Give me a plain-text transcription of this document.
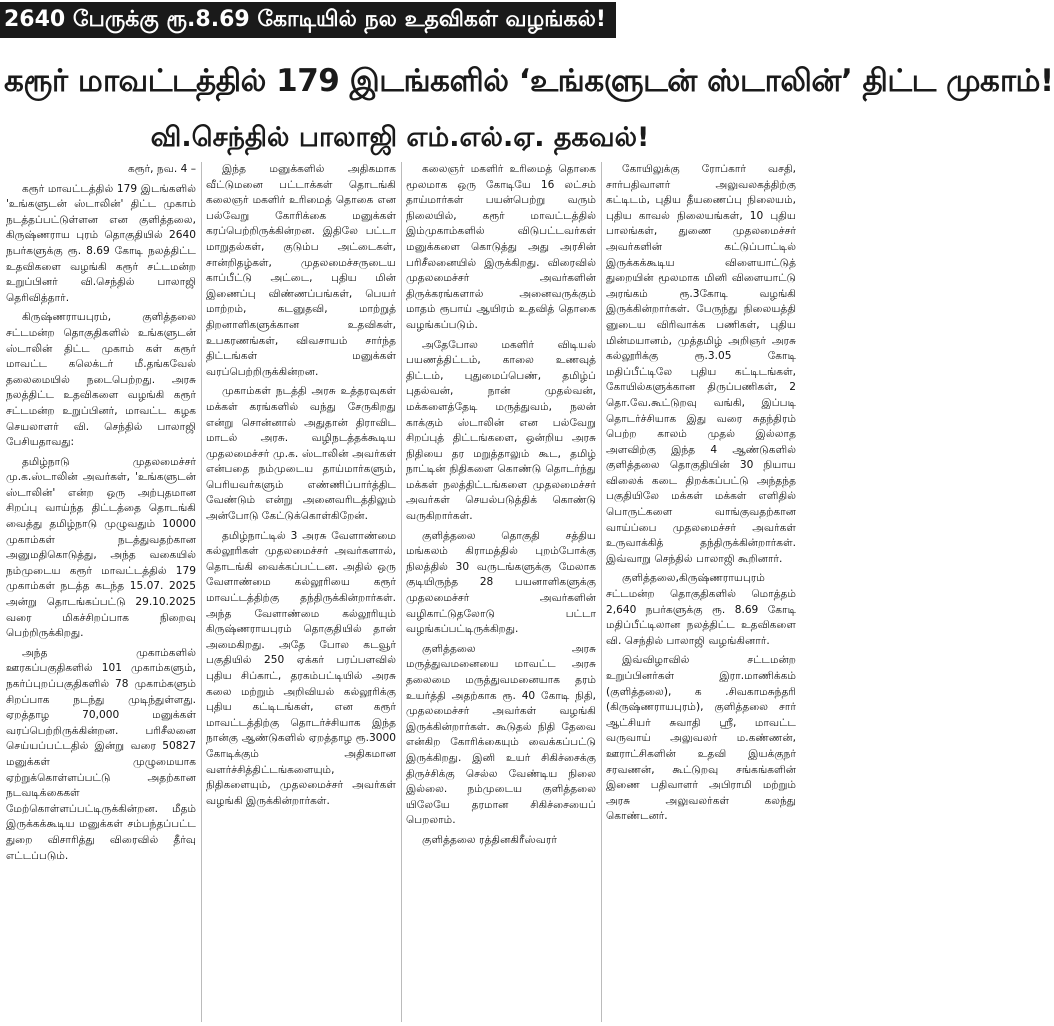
2640 பேருக்கு ரூ.8.69 கோடியில் நல உதவிகள் வழங்கல்!
கரூர் மாவட்டத்தில் 179 இடங்களில் ‘உங்களுடன் ஸ்டாலின்’ திட்ட முகாம்!
வி.செந்தில் பாலாஜி எம்.எல்.ஏ. தகவல்!

கரூர், நவ. 4 –

கரூர் மாவட்டத்தில் 179 இடங்களில் 'உங்களுடன் ஸ்டாலின்' திட்ட முகாம் நடத்தப்பட்டுள்ளன என குளித்தலை, கிருஷ்ணராய புரம் தொகுதியில் 2640 நபர்களுக்கு ரூ. 8.69 கோடி நலத்திட்ட உதவிகளை வழங்கி கரூர் சட்டமன்ற உறுப்பினர் வி.செந்தில் பாலாஜி தெரிவித்தார்.

கிருஷ்ணராயபுரம், குளித்தலை சட்டமன்ற தொகுதிகளில் உங்களுடன் ஸ்டாலின் திட்ட முகாம் கள் கரூர் மாவட்ட கலெக்டர் மீ.தங்கவேல் தலைமையில் நடைபெற்றது. அரசு நலத்திட்ட உதவிகளை வழங்கி கரூர் சட்டமன்ற உறுப்பினர், மாவட்ட கழக செயலாளர் வி. செந்தில் பாலாஜி பேசியதாவது:

தமிழ்நாடு முதலமைச்சர் மு.க.ஸ்டாலின் அவர்கள், 'உங்களுடன் ஸ்டாலின்' என்ற ஒரு அற்புதமான சிறப்பு வாய்ந்த திட்டத்தை தொடங்கி வைத்து தமிழ்நாடு முழுவதும் 10000 முகாம்கள் நடத்துவதற்கான அனுமதிகொடுத்து, அந்த வகையில் நம்முடைய கரூர் மாவட்டத்தில் 179 முகாம்கள் நடத்த கடந்த 15.07. 2025 அன்று தொடங்கப்பட்டு 29.10.2025 வரை மிகச்சிறப்பாக நிறைவு பெற்றிருக்கிறது.

அந்த முகாம்களில் ஊரகப்பகுதிகளில் 101 முகாம்களும், நகர்ப்புறப்பகுதிகளில் 78 முகாம்களும் சிறப்பாக நடந்து முடிந்துள்ளது. ஏறத்தாழ 70,000 மனுக்கள் வரப்பெற்றிருக்கின்றன. பரிசீலனை செய்யப்பட்டதில் இன்று வரை 50827 மனுக்கள் முழுமையாக ஏற்றுக்கொள்ளப்பட்டு அதற்கான நடவடிக்கைகள் மேற்கொள்ளப்பட்டிருக்கின்றன. மீதம் இருக்கக்கூடிய மனுக்கள் சம்பந்தப்பட்ட துறை விசாரித்து விரைவில் தீர்வு எட்டப்படும்.

இந்த மனுக்களில் அதிகமாக வீட்டுமனை பட்டாக்கள் தொடங்கி கலைஞர் மகளிர் உரிமைத் தொகை என பல்வேறு கோரிக்கை மனுக்கள் கரப்பெற்றிருக்கின்றன. இதிலே பட்டா மாறுதல்கள், குடும்ப அட்டைகள், சான்றிதழ்கள், முதலமைச்சருடைய காப்பீட்டு அட்டை, புதிய மின் இணைப்பு விண்ணப்பங்கள், பெயர் மாற்றம், கடனுதவி, மாற்றுத் திறனாளிகளுக்கான உதவிகள், உபகரணங்கள், விவசாயம் சார்ந்த திட்டங்கள் மனுக்கள் வரப்பெற்றிருக்கின்றன.

முகாம்கள் நடத்தி அரசு உத்தரவுகள் மக்கள் கரங்களில் வந்து சேருகிறது என்று சொன்னால் அதுதான் திராவிட மாடல் அரசு. வழிநடத்தக்கூடிய முதலமைச்சர் மு.க. ஸ்டாலின் அவர்கள் என்பதை நம்முடைய தாய்மார்களும், பெரியவர்களும் எண்ணிப்பார்த்திட வேண்டும் என்று அனைவரிடத்திலும் அன்போடு கேட்டுக்கொள்கிறேன்.

தமிழ்நாட்டில் 3 அரசு வேளாண்மை கல்லூரிகள் முதலமைச்சர் அவர்களால், தொடங்கி வைக்கப்பட்டன. அதில் ஒரு வேளாண்மை கல்லூரியை கரூர் மாவட்டத்திற்கு தந்திருக்கின்றார்கள். அந்த வேளாண்மை கல்லூரியும் கிருஷ்ணராயபுரம் தொகுதியில் தான் அமைகிறது. அதே போல கடவூர் பகுதியில் 250 ஏக்கர் பரப்பளவில் புதிய சிப்காட், தரகம்பட்டியில் அரசு கலை மற்றும் அறிவியல் கல்லூரிக்கு புதிய கட்டிடங்கள், என கரூர் மாவட்டத்திற்கு தொடர்ச்சியாக இந்த நான்கு ஆண்டுகளில் ஏறத்தாழ ரூ.3000 கோடிக்கும் அதிகமான வளர்ச்சித்திட்டங்களையும், நிதிகளையும், முதலமைச்சர் அவர்கள் வழங்கி இருக்கின்றார்கள்.

கலைஞர் மகளிர் உரிமைத் தொகை மூலமாக ஒரு கோடியே 16 லட்சம் தாய்மார்கள் பயன்பெற்று வரும் நிலையில், கரூர் மாவட்டத்தில் இம்முகாம்களில் விடுபட்டவர்கள் மனுக்களை கொடுத்து அது அரசின் பரிசீலனையில் இருக்கிறது. விரைவில் முதலமைச்சர் அவர்களின் திருக்கரங்களால் அனைவருக்கும் மாதம் ரூபாய் ஆயிரம் உதவித் தொகை வழங்கப்படும்.

அதேபோல மகளிர் விடியல் பயணத்திட்டம், காலை உணவுத் திட்டம், புதுமைப்பெண், தமிழ்ப் புதல்வன், நான் முதல்வன், மக்களைத்தேடி மருத்துவம், நலன் காக்கும் ஸ்டாலின் என பல்வேறு சிறப்புத் திட்டங்களை, ஒன்றிய அரசு நிதியை தர மறுத்தாலும் கூட, தமிழ் நாட்டின் நிதிகளை கொண்டு தொடர்ந்து மக்கள் நலத்திட்டங்களை முதலமைச்சர் அவர்கள் செயல்படுத்திக் கொண்டு வருகிறார்கள்.

குளித்தலை தொகுதி சத்திய மங்கலம் கிராமத்தில் புறம்போக்கு நிலத்தில் 30 வருடங்களுக்கு மேலாக குடியிருந்த 28 பயனாளிகளுக்கு முதலமைச்சர் அவர்களின் வழிகாட்டுதலோடு பட்டா வழங்கப்பட்டிருக்கிறது.

குளித்தலை அரசு மருத்துவமனையை மாவட்ட அரசு தலைமை மருத்துவமனையாக தரம் உயர்த்தி அதற்காக ரூ. 40 கோடி நிதி, முதலமைச்சர் அவர்கள் வழங்கி இருக்கின்றார்கள். கூடுதல் நிதி தேவை என்கிற கோரிக்கையும் வைக்கப்பட்டு இருக்கிறது. இனி உயர் சிகிச்சைக்கு திருச்சிக்கு செல்ல வேண்டிய நிலை இல்லை. நம்முடைய குளித்தலை யிலேயே தரமான சிகிச்சையைப் பெறலாம்.

குளித்தலை ரத்தினகிரீஸ்வரர்

கோயிலுக்கு ரோப்கார் வசதி, சார்பதிவாளர் அலுவலகத்திற்கு கட்டிடம், புதிய தீயணைப்பு நிலையம், புதிய காவல் நிலையங்கள், 10 புதிய பாலங்கள், துணை முதலமைச்சர் அவர்களின் கட்டுப்பாட்டில் இருக்கக்கூடிய விளையாட்டுத் துறையின் மூலமாக மினி விளையாட்டு அரங்கம் ரூ.3கோடி வழங்கி இருக்கின்றார்கள். பேருந்து நிலையத்தி னுடைய விரிவாக்க பணிகள், புதிய மின்மயானம், முத்தமிழ் அறிஞர் அரசு கல்லூரிக்கு ரூ.3.05 கோடி மதிப்பீட்டிலே புதிய கட்டிடங்கள், கோயில்களுக்கான திருப்பணிகள், 2 தொ.வே.கூட்டுறவு வங்கி, இப்படி தொடர்ச்சியாக இது வரை சுதந்திரம் பெற்ற காலம் முதல் இல்லாத அளவிற்கு இந்த 4 ஆண்டுகளில் குளித்தலை தொகுதியின் 30 நியாய விலைக் கடை திறக்கப்பட்டு அந்தந்த பகுதியிலே மக்கள் மக்கள் எளிதில் பொருட்களை வாங்குவதற்கான வாய்ப்பை முதலமைச்சர் அவர்கள் உருவாக்கித் தந்திருக்கின்றார்கள். இவ்வாறு செந்தில் பாலாஜி கூறினார்.

குளித்தலை,கிருஷ்ணராயபுரம் சட்டமன்ற தொகுதிகளில் மொத்தம் 2,640 நபர்களுக்கு ரூ. 8.69 கோடி மதிப்பீட்டிலான நலத்திட்ட உதவிகளை வி. செந்தில் பாலாஜி வழங்கினார்.

இவ்விழாவில் சட்டமன்ற உறுப்பினர்கள் இரா.மாணிக்கம் (குளித்தலை), க .சிவகாமசுந்தரி (கிருஷ்ணராயபுரம்), குளித்தலை சார் ஆட்சியர் சுவாதி ஸ்ரீ, மாவட்ட வருவாய் அலுவலர் ம.கண்ணன், ஊராட்சிகளின் உதவி இயக்குநர் சரவணன், கூட்டுறவு சங்கங்களின் இணை பதிவாளர் அபிராமி மற்றும் அரசு அலுவலர்கள் கலந்து கொண்டனர்.
